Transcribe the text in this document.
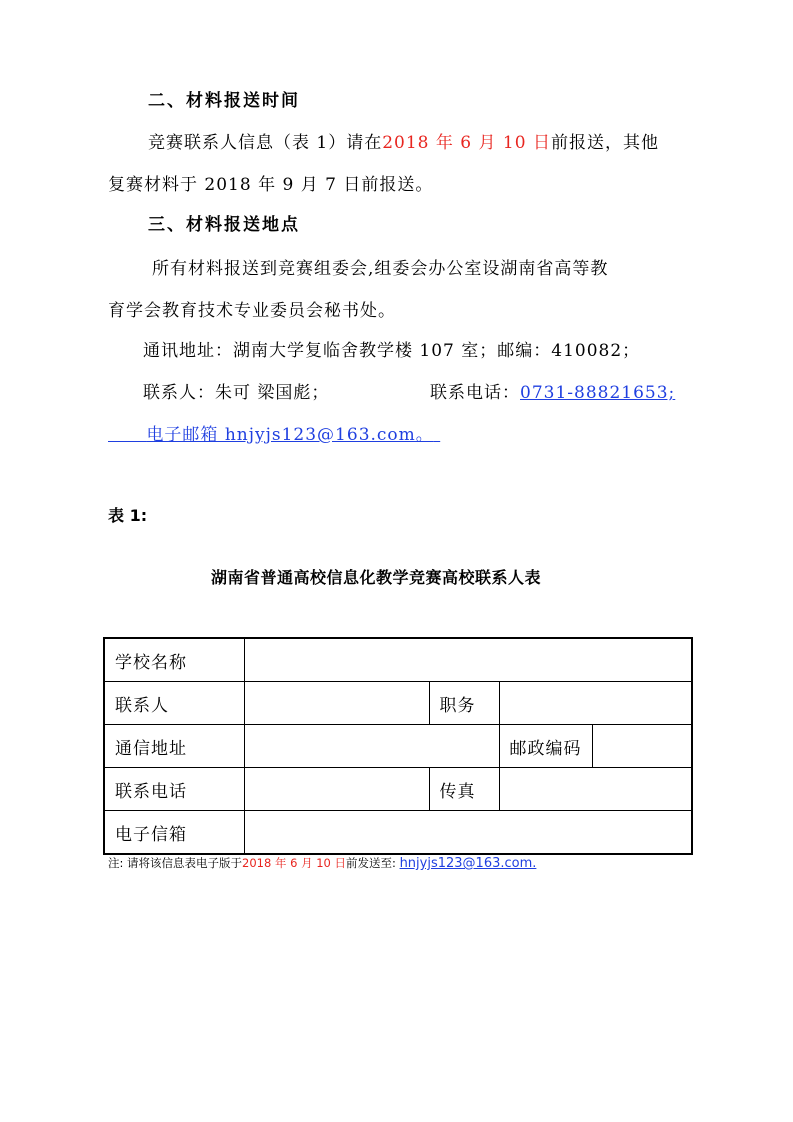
二、材料报送时间
竞赛联系人信息（表 1）请在2018 年 6 月 10 日前报送，其他
复赛材料于 2018 年 9 月 7 日前报送。
三、材料报送地点
所有材料报送到竞赛组委会,组委会办公室设湖南省高等教
育学会教育技术专业委员会秘书处。
通讯地址：湖南大学复临舍教学楼 107 室；邮编：410082；
联系人：朱可 梁国彪；	联系电话：0731-88821653;
电子邮箱 hnjyjs123@163.com。
表 1:
湖南省普通高校信息化教学竞赛高校联系人表
学校名称				
联系人		职务		
通信地址			邮政编码	
联系电话		传真		
电子信箱				
注: 请将该信息表电子版于2018 年 6 月 10 日前发送至: hnjyjs123@163.com.
